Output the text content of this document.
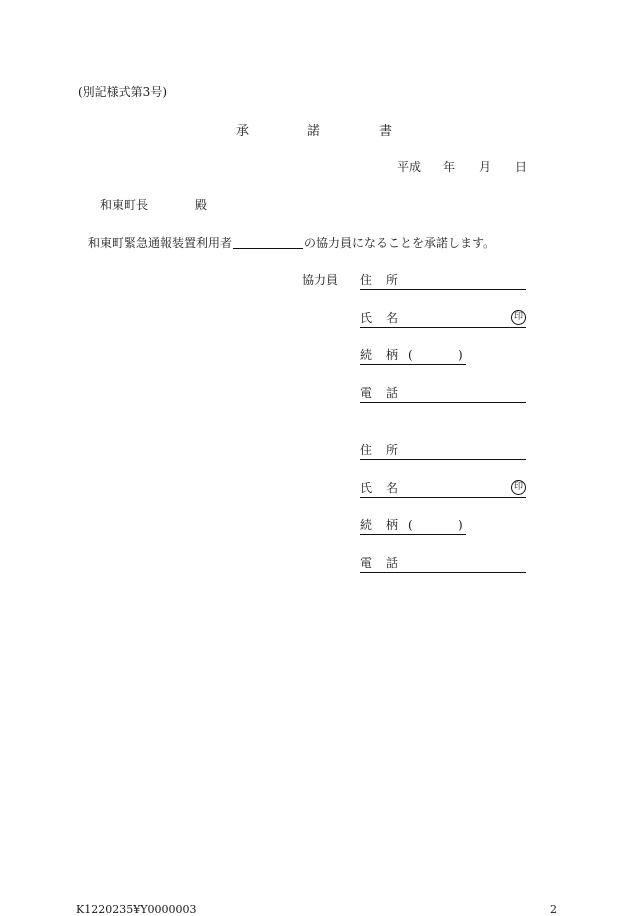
(別記様式第3号)
承	諾	書
平成 年 月 日
和東町長	殿
和東町緊急通報装置利用者	の協力員になることを承諾します。
協力員 住 所
氏 名	印
続 柄 (	)
電 話
住 所
氏 名	印
続 柄 (	)
電 話
K1220235¥Y0000003	2
